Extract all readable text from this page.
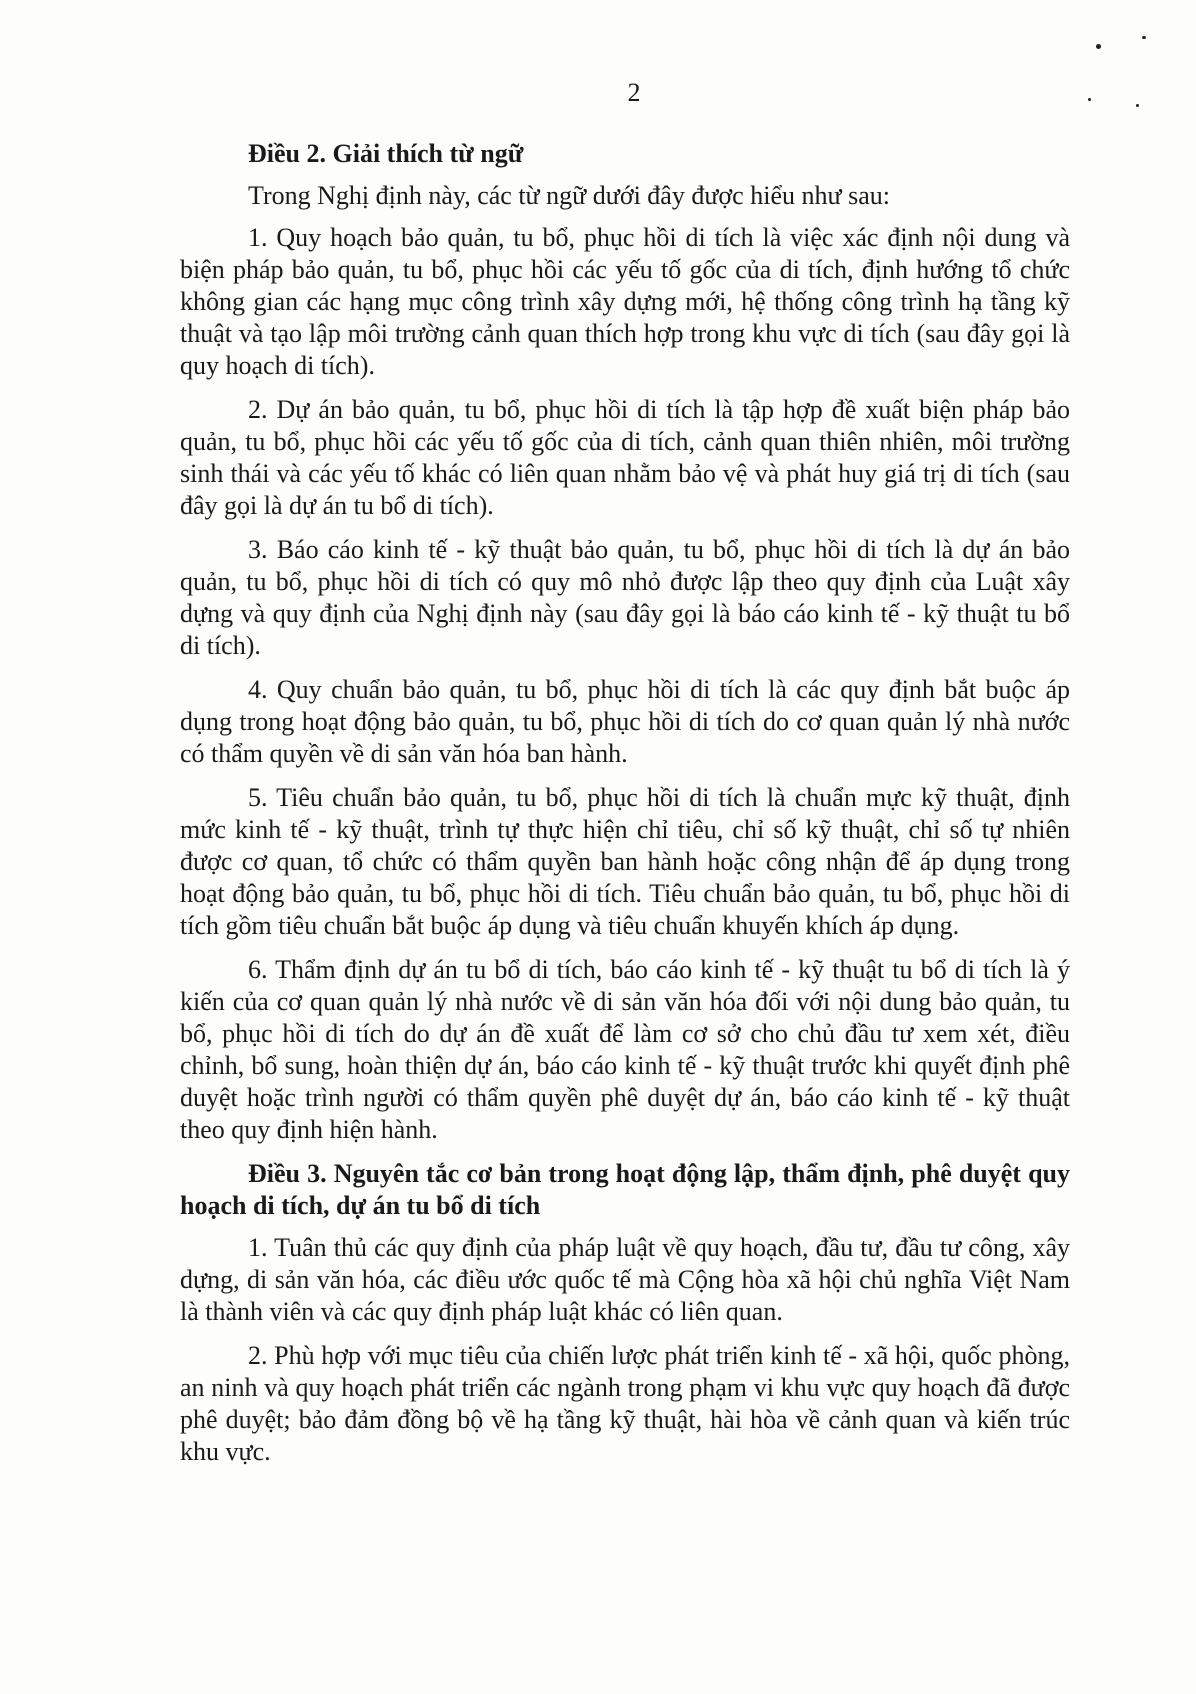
2
Điều 2. Giải thích từ ngữ
Trong Nghị định này, các từ ngữ dưới đây được hiểu như sau:

1. Quy hoạch bảo quản, tu bổ, phục hồi di tích là việc xác định nội dung và biện pháp bảo quản, tu bổ, phục hồi các yếu tố gốc của di tích, định hướng tổ chức không gian các hạng mục công trình xây dựng mới, hệ thống công trình hạ tầng kỹ thuật và tạo lập môi trường cảnh quan thích hợp trong khu vực di tích (sau đây gọi là quy hoạch di tích).

2. Dự án bảo quản, tu bổ, phục hồi di tích là tập hợp đề xuất biện pháp bảo quản, tu bổ, phục hồi các yếu tố gốc của di tích, cảnh quan thiên nhiên, môi trường sinh thái và các yếu tố khác có liên quan nhằm bảo vệ và phát huy giá trị di tích (sau đây gọi là dự án tu bổ di tích).

3. Báo cáo kinh tế - kỹ thuật bảo quản, tu bổ, phục hồi di tích là dự án bảo quản, tu bổ, phục hồi di tích có quy mô nhỏ được lập theo quy định của Luật xây dựng và quy định của Nghị định này (sau đây gọi là báo cáo kinh tế - kỹ thuật tu bổ di tích).

4. Quy chuẩn bảo quản, tu bổ, phục hồi di tích là các quy định bắt buộc áp dụng trong hoạt động bảo quản, tu bổ, phục hồi di tích do cơ quan quản lý nhà nước có thẩm quyền về di sản văn hóa ban hành.

5. Tiêu chuẩn bảo quản, tu bổ, phục hồi di tích là chuẩn mực kỹ thuật, định mức kinh tế - kỹ thuật, trình tự thực hiện chỉ tiêu, chỉ số kỹ thuật, chỉ số tự nhiên được cơ quan, tổ chức có thẩm quyền ban hành hoặc công nhận để áp dụng trong hoạt động bảo quản, tu bổ, phục hồi di tích. Tiêu chuẩn bảo quản, tu bổ, phục hồi di tích gồm tiêu chuẩn bắt buộc áp dụng và tiêu chuẩn khuyến khích áp dụng.

6. Thẩm định dự án tu bổ di tích, báo cáo kinh tế - kỹ thuật tu bổ di tích là ý kiến của cơ quan quản lý nhà nước về di sản văn hóa đối với nội dung bảo quản, tu bổ, phục hồi di tích do dự án đề xuất để làm cơ sở cho chủ đầu tư xem xét, điều chỉnh, bổ sung, hoàn thiện dự án, báo cáo kinh tế - kỹ thuật trước khi quyết định phê duyệt hoặc trình người có thẩm quyền phê duyệt dự án, báo cáo kinh tế - kỹ thuật theo quy định hiện hành.

Điều 3. Nguyên tắc cơ bản trong hoạt động lập, thẩm định, phê duyệt quy hoạch di tích, dự án tu bổ di tích

1. Tuân thủ các quy định của pháp luật về quy hoạch, đầu tư, đầu tư công, xây dựng, di sản văn hóa, các điều ước quốc tế mà Cộng hòa xã hội chủ nghĩa Việt Nam là thành viên và các quy định pháp luật khác có liên quan.

2. Phù hợp với mục tiêu của chiến lược phát triển kinh tế - xã hội, quốc phòng, an ninh và quy hoạch phát triển các ngành trong phạm vi khu vực quy hoạch đã được phê duyệt; bảo đảm đồng bộ về hạ tầng kỹ thuật, hài hòa về cảnh quan và kiến trúc khu vực.
